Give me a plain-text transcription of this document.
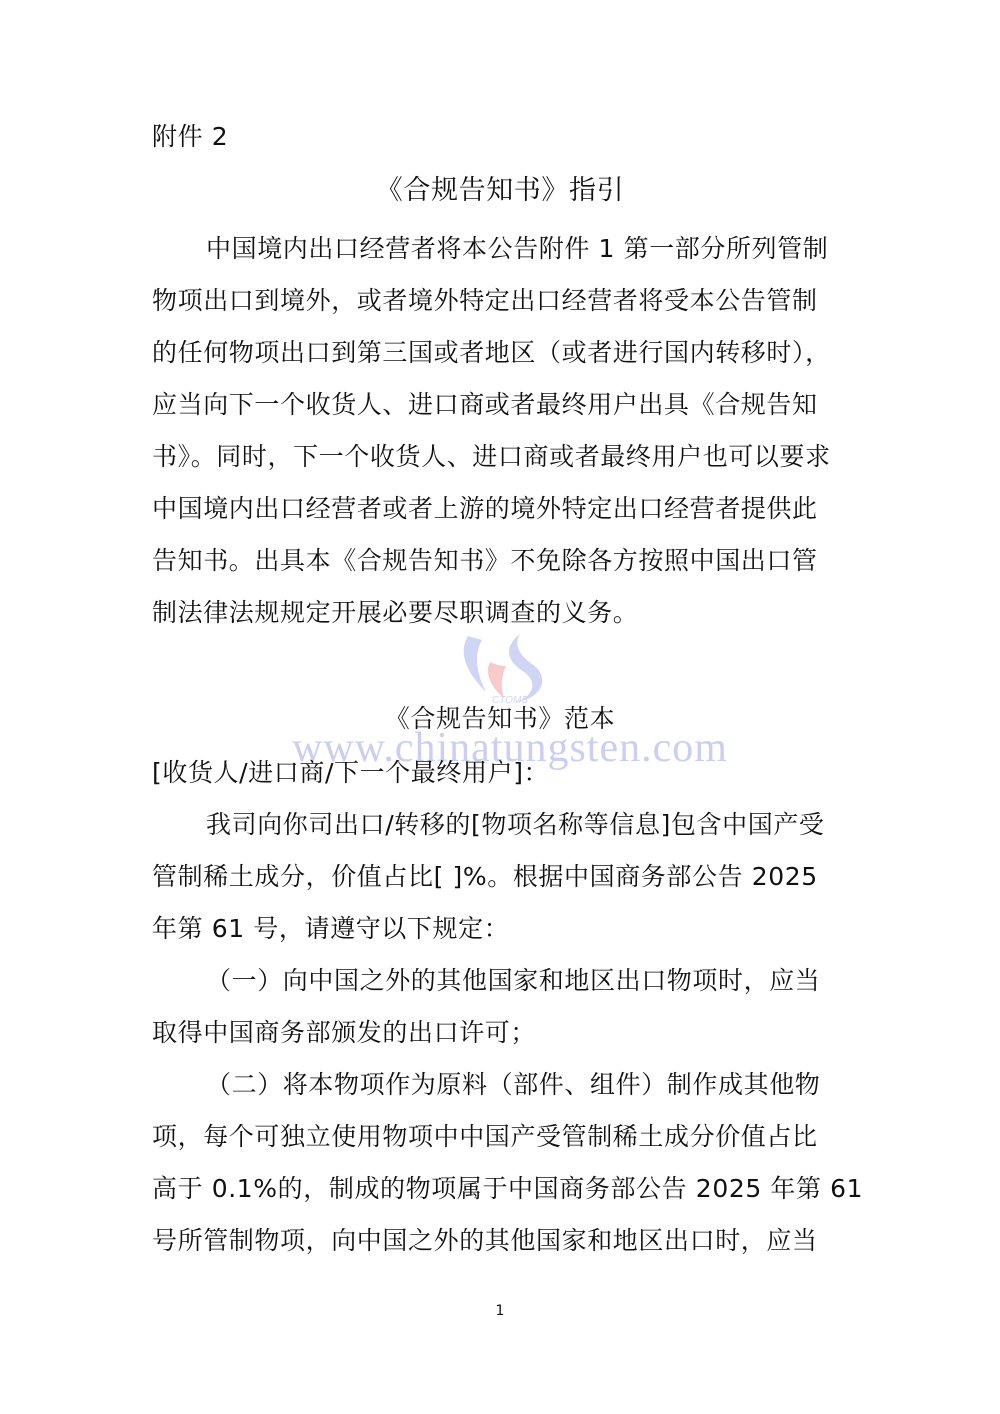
附件 2
《合规告知书》指引
中国境内出口经营者将本公告附件 1 第一部分所列管制
物项出口到境外，或者境外特定出口经营者将受本公告管制
的任何物项出口到第三国或者地区（或者进行国内转移时），
应当向下一个收货人、进口商或者最终用户出具《合规告知
书》。同时，下一个收货人、进口商或者最终用户也可以要求
中国境内出口经营者或者上游的境外特定出口经营者提供此
告知书。出具本《合规告知书》不免除各方按照中国出口管
制法律法规规定开展必要尽职调查的义务。
CTOMS
《合规告知书》范本
www.chinatungsten.com
[收货人/进口商/下一个最终用户]：
我司向你司出口/转移的[物项名称等信息]包含中国产受
管制稀土成分，价值占比[ ]%。根据中国商务部公告 2025
年第 61 号，请遵守以下规定：
（一）向中国之外的其他国家和地区出口物项时，应当
取得中国商务部颁发的出口许可；
（二）将本物项作为原料（部件、组件）制作成其他物
项，每个可独立使用物项中中国产受管制稀土成分价值占比
高于 0.1%的，制成的物项属于中国商务部公告 2025 年第 61
号所管制物项，向中国之外的其他国家和地区出口时，应当
1
